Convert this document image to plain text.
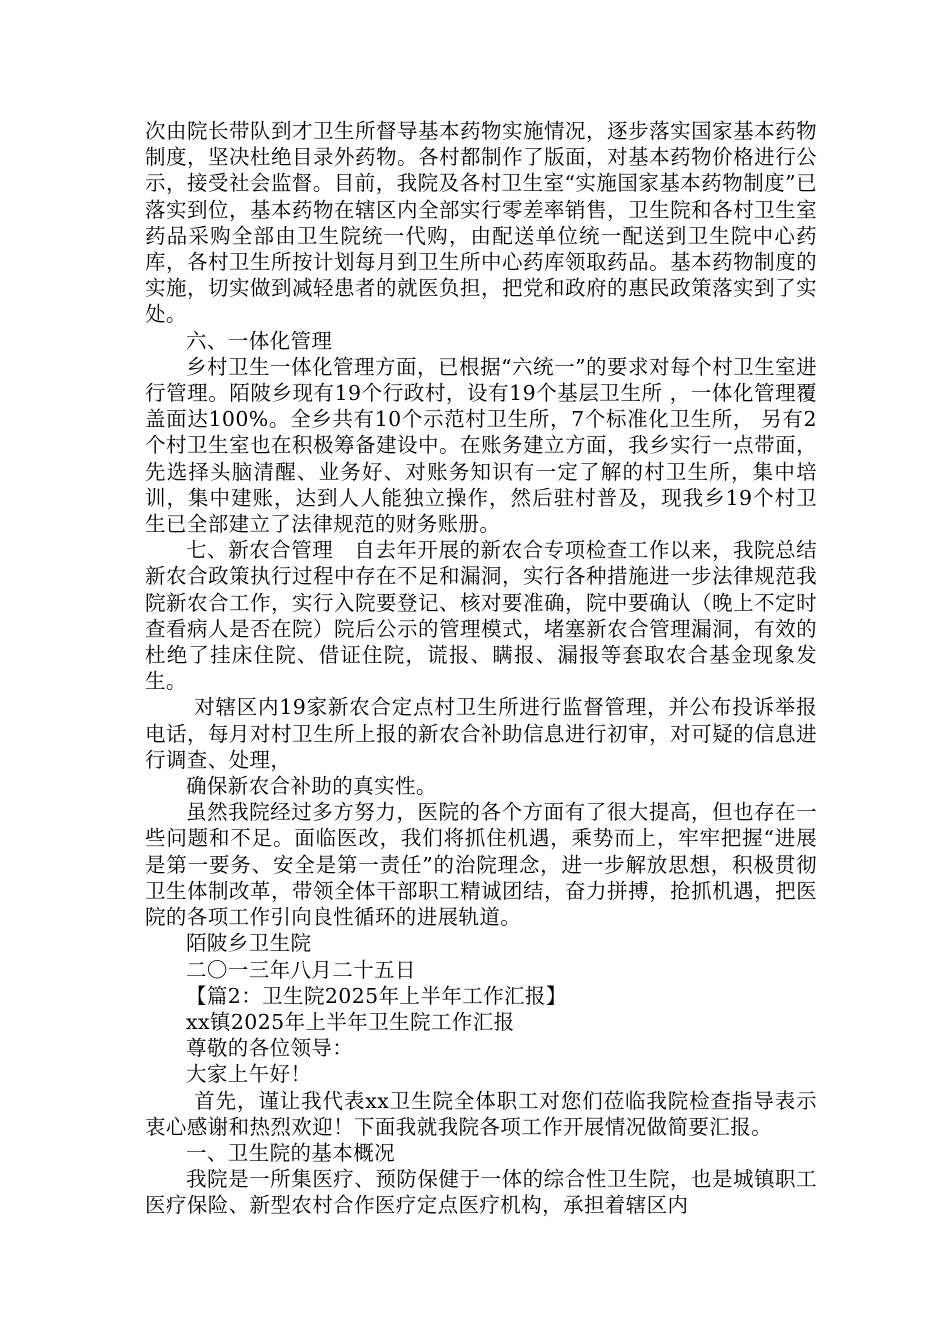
次由院长带队到才卫生所督导基本药物实施情况，逐步落实国家基本药物制度，坚决杜绝目录外药物。各村都制作了版面，对基本药物价格进行公示，接受社会监督。目前，我院及各村卫生室“实施国家基本药物制度”已落实到位，基本药物在辖区内全部实行零差率销售，卫生院和各村卫生室药品采购全部由卫生院统一代购，由配送单位统一配送到卫生院中心药库，各村卫生所按计划每月到卫生所中心药库领取药品。基本药物制度的实施，切实做到减轻患者的就医负担，把党和政府的惠民政策落实到了实处。

六、一体化管理

乡村卫生一体化管理方面，已根据“六统一”的要求对每个村卫生室进行管理。陌陂乡现有19个行政村，设有19个基层卫生所 ，一体化管理覆盖面达100%。全乡共有10个示范村卫生所，7个标准化卫生所， 另有2个村卫生室也在积极筹备建设中。在账务建立方面，我乡实行一点带面，先选择头脑清醒、业务好、对账务知识有一定了解的村卫生所，集中培训，集中建账，达到人人能独立操作，然后驻村普及，现我乡19个村卫生已全部建立了法律规范的财务账册。

七、新农合管理　自去年开展的新农合专项检查工作以来，我院总结新农合政策执行过程中存在不足和漏洞，实行各种措施进一步法律规范我院新农合工作，实行入院要登记、核对要准确，院中要确认（晚上不定时查看病人是否在院）院后公示的管理模式，堵塞新农合管理漏洞，有效的杜绝了挂床住院、借证住院，谎报、瞒报、漏报等套取农合基金现象发生。

对辖区内19家新农合定点村卫生所进行监督管理，并公布投诉举报电话，每月对村卫生所上报的新农合补助信息进行初审，对可疑的信息进行调查、处理，

确保新农合补助的真实性。

虽然我院经过多方努力，医院的各个方面有了很大提高，但也存在一些问题和不足。面临医改，我们将抓住机遇，乘势而上，牢牢把握“进展是第一要务、安全是第一责任”的治院理念，进一步解放思想，积极贯彻卫生体制改革，带领全体干部职工精诚团结，奋力拼搏，抢抓机遇，把医院的各项工作引向良性循环的进展轨道。

陌陂乡卫生院

二〇一三年八月二十五日

【篇2：卫生院2025年上半年工作汇报】

xx镇2025年上半年卫生院工作汇报

尊敬的各位领导：

大家上午好！

首先，谨让我代表xx卫生院全体职工对您们莅临我院检查指导表示衷心感谢和热烈欢迎！下面我就我院各项工作开展情况做简要汇报。

一、卫生院的基本概况

我院是一所集医疗、预防保健于一体的综合性卫生院，也是城镇职工医疗保险、新型农村合作医疗定点医疗机构，承担着辖区内
